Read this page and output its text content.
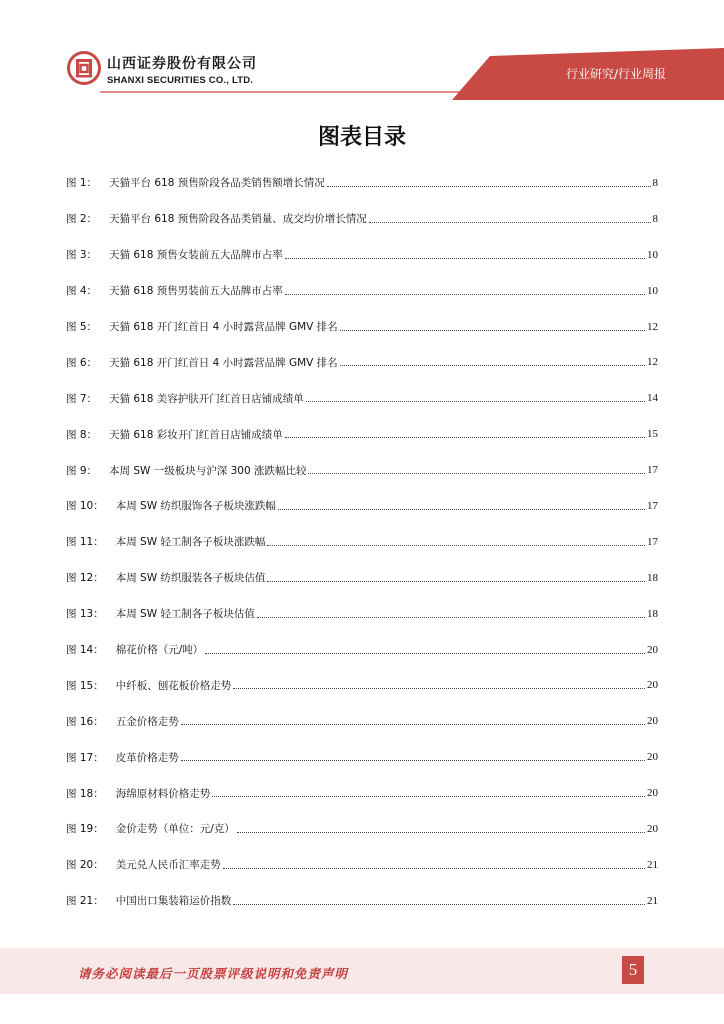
山西证券股份有限公司
SHANXI SECURITIES CO., LTD.	行业研究/行业周报
图表目录
图 1：	天猫平台 618 预售阶段各品类销售额增长情况	8
图 2：	天猫平台 618 预售阶段各品类销量、成交均价增长情况	8
图 3：	天猫 618 预售女装前五大品牌市占率	10
图 4：	天猫 618 预售男装前五大品牌市占率	10
图 5：	天猫 618 开门红首日 4 小时露营品牌 GMV 排名	12
图 6：	天猫 618 开门红首日 4 小时露营品牌 GMV 排名	12
图 7：	天猫 618 美容护肤开门红首日店铺成绩单	14
图 8：	天猫 618 彩妆开门红首日店铺成绩单	15
图 9：	本周 SW 一级板块与沪深 300 涨跌幅比较	17
图 10：	本周 SW 纺织服饰各子板块涨跌幅	17
图 11：	本周 SW 轻工制各子板块涨跌幅	17
图 12：	本周 SW 纺织服装各子板块估值	18
图 13：	本周 SW 轻工制各子板块估值	18
图 14：	棉花价格（元/吨）	20
图 15：	中纤板、刨花板价格走势	20
图 16：	五金价格走势	20
图 17：	皮革价格走势	20
图 18：	海绵原材料价格走势	20
图 19：	金价走势（单位：元/克）	20
图 20：	美元兑人民币汇率走势	21
图 21：	中国出口集装箱运价指数	21
请务必阅读最后一页股票评级说明和免责声明	5
